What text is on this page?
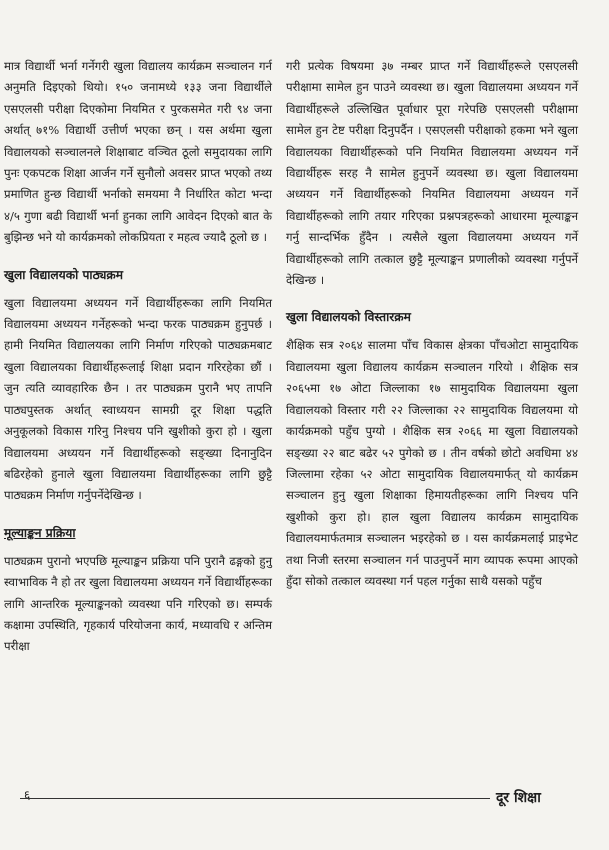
मात्र विद्यार्थी भर्ना गर्नेगरी खुला विद्यालय कार्यक्रम सञ्चालन गर्न अनुमति दिइएको थियो। १५० जनामध्ये १३३ जना विद्यार्थीले एसएलसी परीक्षा दिएकोमा नियमित र पुरकसमेत गरी ९४ जना अर्थात् ७१% विद्यार्थी उत्तीर्ण भएका छन् । यस अर्थमा खुला विद्यालयको सञ्चालनले शिक्षाबाट वञ्चित ठूलो समुदायका लागि पुनः एकपटक शिक्षा आर्जन गर्ने सुनौलो अवसर प्राप्त भएको तथ्य प्रमाणित हुन्छ विद्यार्थी भर्नाको समयमा नै निर्धारित कोटा भन्दा ४/५ गुणा बढी विद्यार्थी भर्ना हुनका लागि आवेदन दिएको बात के बुझिन्छ भने यो कार्यक्रमको लोकप्रियता र महत्व ज्यादै ठूलो छ ।

खुला विद्यालयको पाठ्यक्रम

खुला विद्यालयमा अध्ययन गर्ने विद्यार्थीहरूका लागि नियमित विद्यालयमा अध्ययन गर्नेहरूको भन्दा फरक पाठ्यक्रम हुनुपर्छ । हामी नियमित विद्यालयका लागि निर्माण गरिएको पाठ्यक्रमबाट खुला विद्यालयका विद्यार्थीहरूलाई शिक्षा प्रदान गरिरहेका छौं । जुन त्यति व्यावहारिक छैन । तर पाठ्यक्रम पुरानै भए तापनि पाठ्यपुस्तक अर्थात् स्वाध्ययन सामग्री दूर शिक्षा पद्धति अनुकूलको विकास गरिनु निश्चय पनि खुशीको कुरा हो । खुला विद्यालयमा अध्ययन गर्ने विद्यार्थीहरूको सङ्ख्या दिनानुदिन बढिरहेको हुनाले खुला विद्यालयमा विद्यार्थीहरूका लागि छुट्टै पाठ्यक्रम निर्माण गर्नुपर्नेदेखिन्छ ।

मूल्याङ्कन प्रक्रिया

पाठ्यक्रम पुरानो भएपछि मूल्याङ्कन प्रक्रिया पनि पुरानै ढङ्गको हुनु स्वाभाविक नै हो तर खुला विद्यालयमा अध्ययन गर्ने विद्यार्थीहरूका लागि आन्तरिक मूल्याङ्कनको व्यवस्था पनि गरिएको छ। सम्पर्क कक्षामा उपस्थिति, गृहकार्य परियोजना कार्य, मध्यावधि र अन्तिम परीक्षा

गरी प्रत्येक विषयमा ३७ नम्बर प्राप्त गर्ने विद्यार्थीहरूले एसएलसी परीक्षामा सामेल हुन पाउने व्यवस्था छ। खुला विद्यालयमा अध्ययन गर्ने विद्यार्थीहरूले उल्लिखित पूर्वाधार पूरा गरेपछि एसएलसी परीक्षामा सामेल हुन टेष्ट परीक्षा दिनुपर्दैन । एसएलसी परीक्षाको हकमा भने खुला विद्यालयका विद्यार्थीहरूको पनि नियमित विद्यालयमा अध्ययन गर्ने विद्यार्थीहरू सरह नै सामेल हुनुपर्ने व्यवस्था छ। खुला विद्यालयमा अध्ययन गर्ने विद्यार्थीहरूको नियमित विद्यालयमा अध्ययन गर्ने विद्यार्थीहरूको लागि तयार गरिएका प्रश्नपत्रहरूको आधारमा मूल्याङ्कन गर्नु सान्दर्भिक हुँदैन । त्यसैले खुला विद्यालयमा अध्ययन गर्ने विद्यार्थीहरूको लागि तत्काल छुट्टै मूल्याङ्कन प्रणालीको व्यवस्था गर्नुपर्ने देखिन्छ ।

खुला विद्यालयको विस्तारक्रम

शैक्षिक सत्र २०६४ सालमा पाँच विकास क्षेत्रका पाँचओटा सामुदायिक विद्यालयमा खुला विद्यालय कार्यक्रम सञ्चालन गरियो । शैक्षिक सत्र २०६५मा १७ ओटा जिल्लाका १७ सामुदायिक विद्यालयमा खुला विद्यालयको विस्तार गरी २२ जिल्लाका २२ सामुदायिक विद्यलयमा यो कार्यक्रमको पहुँच पुग्यो । शैक्षिक सत्र २०६६ मा खुला विद्यालयको सङ्ख्या २२ बाट बढेर ५२ पुगेको छ । तीन वर्षको छोटो अवधिमा ४४ जिल्लामा रहेका ५२ ओटा सामुदायिक विद्यालयमार्फत् यो कार्यक्रम सञ्चालन हुनु खुला शिक्षाका हिमायतीहरूका लागि निश्चय पनि खुशीको कुरा हो। हाल खुला विद्यालय कार्यक्रम सामुदायिक विद्यालयमार्फतमात्र सञ्चालन भइरहेको छ । यस कार्यक्रमलाई प्राइभेट तथा निजी स्तरमा सञ्चालन गर्न पाउनुपर्ने माग व्यापक रूपमा आएको हुँदा सोको तत्काल व्यवस्था गर्न पहल गर्नुका साथै यसको पहुँच

६	दूर शिक्षा
